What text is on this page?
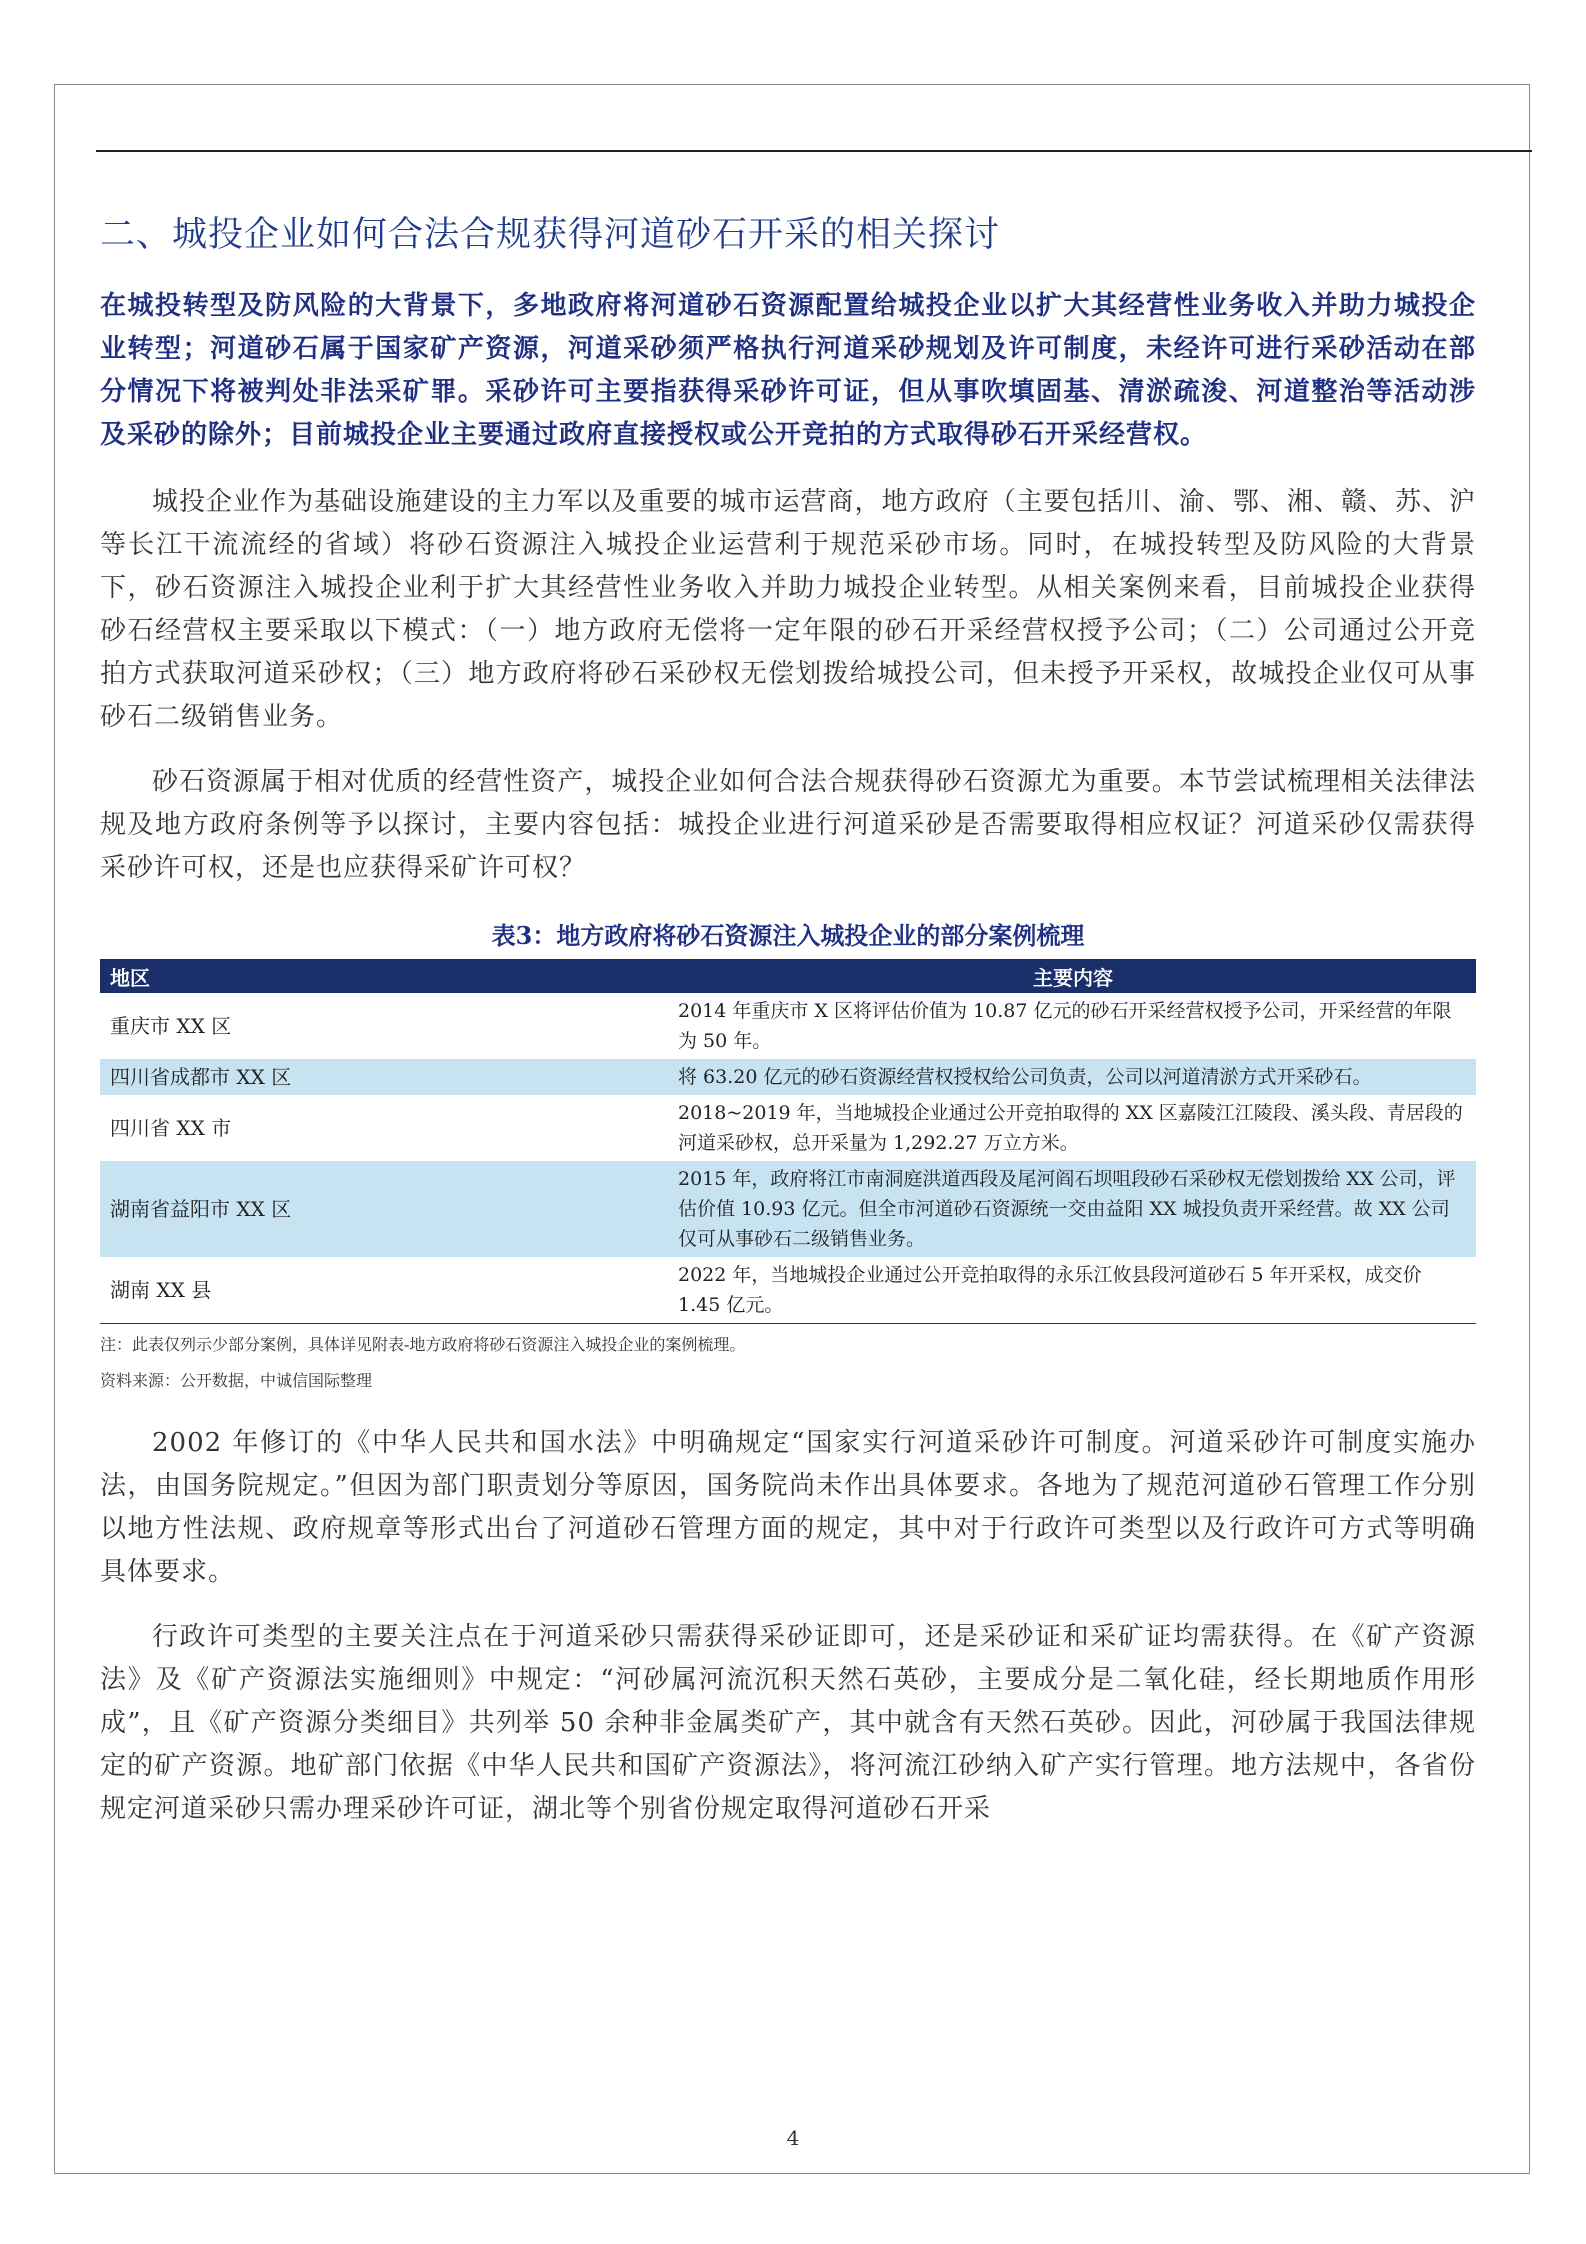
二、城投企业如何合法合规获得河道砂石开采的相关探讨
在城投转型及防风险的大背景下，多地政府将河道砂石资源配置给城投企业以扩大其经营性业务收入并助力城投企业转型；河道砂石属于国家矿产资源，河道采砂须严格执行河道采砂规划及许可制度，未经许可进行采砂活动在部分情况下将被判处非法采矿罪。采砂许可主要指获得采砂许可证，但从事吹填固基、清淤疏浚、河道整治等活动涉及采砂的除外；目前城投企业主要通过政府直接授权或公开竞拍的方式取得砂石开采经营权。

城投企业作为基础设施建设的主力军以及重要的城市运营商，地方政府（主要包括川、渝、鄂、湘、赣、苏、沪等长江干流流经的省域）将砂石资源注入城投企业运营利于规范采砂市场。同时，在城投转型及防风险的大背景下，砂石资源注入城投企业利于扩大其经营性业务收入并助力城投企业转型。从相关案例来看，目前城投企业获得砂石经营权主要采取以下模式：（一）地方政府无偿将一定年限的砂石开采经营权授予公司；（二）公司通过公开竞拍方式获取河道采砂权；（三）地方政府将砂石采砂权无偿划拨给城投公司，但未授予开采权，故城投企业仅可从事砂石二级销售业务。

砂石资源属于相对优质的经营性资产，城投企业如何合法合规获得砂石资源尤为重要。本节尝试梳理相关法律法规及地方政府条例等予以探讨，主要内容包括：城投企业进行河道采砂是否需要取得相应权证？河道采砂仅需获得采砂许可权，还是也应获得采矿许可权？

表3：地方政府将砂石资源注入城投企业的部分案例梳理
地区	主要内容
重庆市 XX 区	2014 年重庆市 X 区将评估价值为 10.87 亿元的砂石开采经营权授予公司，开采经营的年限为 50 年。
四川省成都市 XX 区	将 63.20 亿元的砂石资源经营权授权给公司负责，公司以河道清淤方式开采砂石。
四川省 XX 市	2018~2019 年，当地城投企业通过公开竞拍取得的 XX 区嘉陵江江陵段、溪头段、青居段的河道采砂权，总开采量为 1,292.27 万立方米。
湖南省益阳市 XX 区	2015 年，政府将江市南洞庭洪道西段及尾河阎石坝咀段砂石采砂权无偿划拨给 XX 公司，评估价值 10.93 亿元。但全市河道砂石资源统一交由益阳 XX 城投负责开采经营。故 XX 公司仅可从事砂石二级销售业务。
湖南 XX 县	2022 年，当地城投企业通过公开竞拍取得的永乐江攸县段河道砂石 5 年开采权，成交价 1.45 亿元。
注：此表仅列示少部分案例，具体详见附表-地方政府将砂石资源注入城投企业的案例梳理。
资料来源：公开数据，中诚信国际整理

2002 年修订的《中华人民共和国水法》中明确规定“国家实行河道采砂许可制度。河道采砂许可制度实施办法，由国务院规定。”但因为部门职责划分等原因，国务院尚未作出具体要求。各地为了规范河道砂石管理工作分别以地方性法规、政府规章等形式出台了河道砂石管理方面的规定，其中对于行政许可类型以及行政许可方式等明确具体要求。

行政许可类型的主要关注点在于河道采砂只需获得采砂证即可，还是采砂证和采矿证均需获得。在《矿产资源法》及《矿产资源法实施细则》中规定：“河砂属河流沉积天然石英砂，主要成分是二氧化硅，经长期地质作用形成”，且《矿产资源分类细目》共列举 50 余种非金属类矿产，其中就含有天然石英砂。因此，河砂属于我国法律规定的矿产资源。地矿部门依据《中华人民共和国矿产资源法》，将河流江砂纳入矿产实行管理。地方法规中，各省份规定河道采砂只需办理采砂许可证，湖北等个别省份规定取得河道砂石开采

4
